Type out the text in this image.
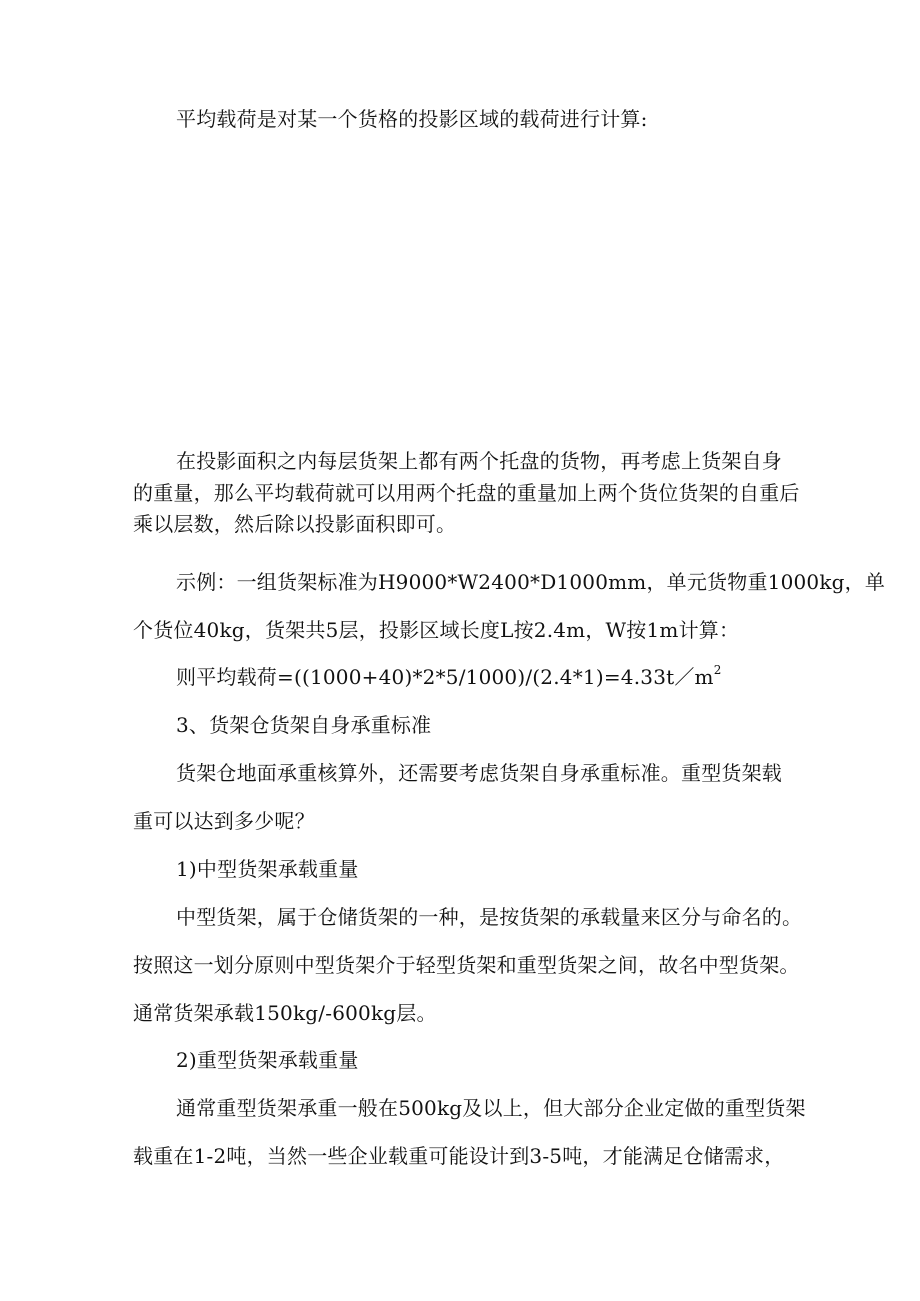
平均载荷是对某一个货格的投影区域的载荷进行计算:
在投影面积之内每层货架上都有两个托盘的货物，再考虑上货架自身
的重量，那么平均载荷就可以用两个托盘的重量加上两个货位货架的自重后
乘以层数，然后除以投影面积即可。
示例：一组货架标准为H9000*W2400*D1000mm，单元货物重1000kg，单
个货位40kg，货架共5层，投影区域长度L按2.4m，W按1m计算：
则平均载荷$=((1000+40)*2*5/1000)/(2.4*1)=4.33t/m^2$
3、货架仓货架自身承重标准
货架仓地面承重核算外，还需要考虑货架自身承重标准。重型货架载
重可以达到多少呢？
1)中型货架承载重量
中型货架，属于仓储货架的一种，是按货架的承载量来区分与命名的。
按照这一划分原则中型货架介于轻型货架和重型货架之间，故名中型货架。
通常货架承载150kg/-600kg层。
2)重型货架承载重量
通常重型货架承重一般在500kg及以上，但大部分企业定做的重型货架
载重在1-2吨，当然一些企业载重可能设计到3-5吨，才能满足仓储需求，
